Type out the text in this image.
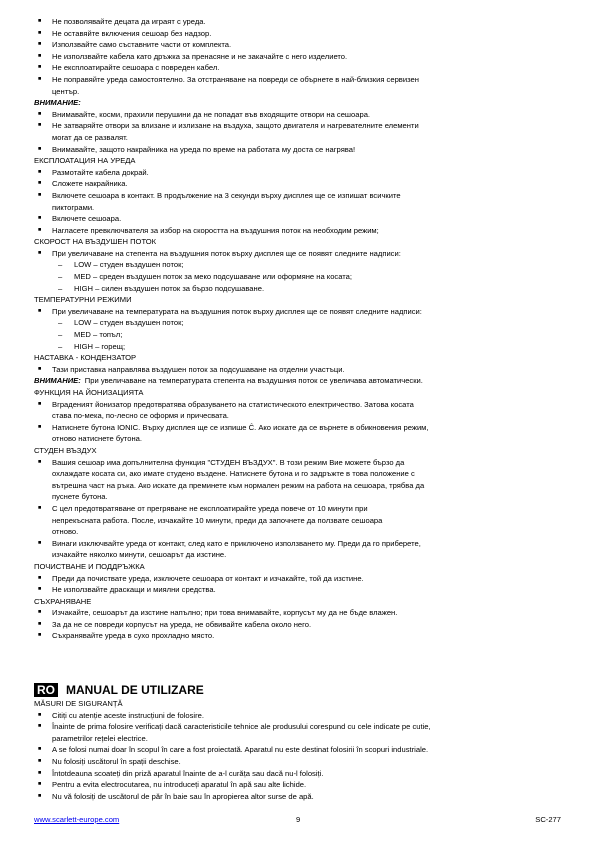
■ Не позволявайте децата да играят с уреда.
■ Не оставяйте включения сешоар без надзор.
■ Използвайте само съставните части от комплекта.
■ Не използвайте кабела като дръжка за пренасяне и не закачайте с него изделието.
■ Не експлоатирайте сешоара с повреден кабел.
■ Не поправяйте уреда самостоятелно. За отстраняване на повреди се обърнете в най-близкия сервизен
център.
ВНИМАНИЕ:
■ Внимавайте, косми, прахили перушини да не попадат във входящите отвори на сешоара.
■ Не затваряйте отвори за влизане и излизане на въздуха, защото двигателя и нагревателните елементи
могат да се развалят.
■ Внимавайте, защото накрайника на уреда по време на работата му доста се нагрява!
ЕКСПЛОАТАЦИЯ НА УРЕДА
■ Размотайте кабела докрай.
■ Сложете накрайника.
■ Включете сешоара в контакт. В продължение на 3 секунди върху дисплея ще се изпишат всичките
пиктограми.
■ Включете сешоара.
■ Нагласете превключвателя за избор на скоростта на въздушния поток на необходим режим;
СКОРОСТ НА ВЪЗДУШЕН ПОТОК
■ При увеличаване на степента на въздушния поток върху дисплея ще се появят следните надписи:
– LOW – студен въздушен поток;
– MED – среден въздушен поток за меко подсушаване или оформяне на косата;
– HIGH – силен въздушен поток за бързо подсушаване.
ТЕМПЕРАТУРНИ РЕЖИМИ
■ При увеличаване на температурата на въздушния поток върху дисплея ще се появят следните надписи:
– LOW – студен въздушен поток;
– MED – топъл;
– HIGH – горещ;
НАСТАВКА - КОНДЕНЗАТОР
■ Тази приставка направлява въздушен поток за подсушаване на отделни участъци.
ВНИМАНИЕ: При увеличаване на температурата степента на въздушния поток се увеличава автоматически.
ФУНКЦИЯ НА ЙОНИЗАЦИЯТА
■ Вграденият йонизатор предотвратява образуването на статистическото електричество. Затова косата
става по-мека, по-лесно се оформя и причесвата.
■ Натиснете бутона IONIC. Върху дисплея ще се изпише Ĉ. Ако искате да се върнете в обикновения режим,
отново натиснете бутона.
СТУДЕН ВЪЗДУХ
■ Вашия сешоар има допълнителна функция "СТУДЕН ВЪЗДУХ". В този режим Вие можете бързо да
охлаждате косата си, ако имате студено въздене. Натиснете бутона и го задръжте в това положение с
вътрешна част на ръка. Ако искате да преминете към нормален режим на работа на сешоара, трябва да
пуснете бутона.
■ С цел предотвратяване от прегряване не експлоатирайте уреда повече от 10 минути при
непрекъсната работа. После, изчакайте 10 минути, преди да започнете да ползвате сешоара
отново.
■ Винаги изключвайте уреда от контакт, след като е приключено използването му. Преди да го приберете,
изчакайте няколко минути, сешоарът да изстине.
ПОЧИСТВАНЕ И ПОДДРЪЖКА
■ Преди да почиствате уреда, изключете сешоара от контакт и изчакайте, той да изстине.
■ Не използвайте драскащи и миялни средства.
СЪХРАНЯВАНЕ
■ Изчакайте, сешоарът да изстине напълно; при това внимавайте, корпусът му да не бъде влажен.
■ За да не се повреди корпусът на уреда, не обвивайте кабела около него.
■ Съхранявайте уреда в сухо прохладно място.
RO MANUAL DE UTILIZARE
MĂSURI DE SIGURANȚĂ
■ Citiți cu atenție aceste instrucțiuni de folosire.
■ Înainte de prima folosire verificați dacă caracteristicile tehnice ale produsului corespund cu cele indicate pe cutie,
parametrilor rețelei electrice.
■ A se folosi numai doar în scopul în care a fost proiectată. Aparatul nu este destinat folosirii în scopuri industriale.
■ Nu folosiți uscătorul în spații deschise.
■ Întotdeauna scoateți din priză aparatul înainte de a-l curăța sau dacă nu-l folosiți.
■ Pentru a evita electrocutarea, nu introduceți aparatul în apă sau alte lichide.
■ Nu vă folosiți de uscătorul de păr în baie sau în apropierea altor surse de apă.
www.scarlett-europe.com	9	SC-277
